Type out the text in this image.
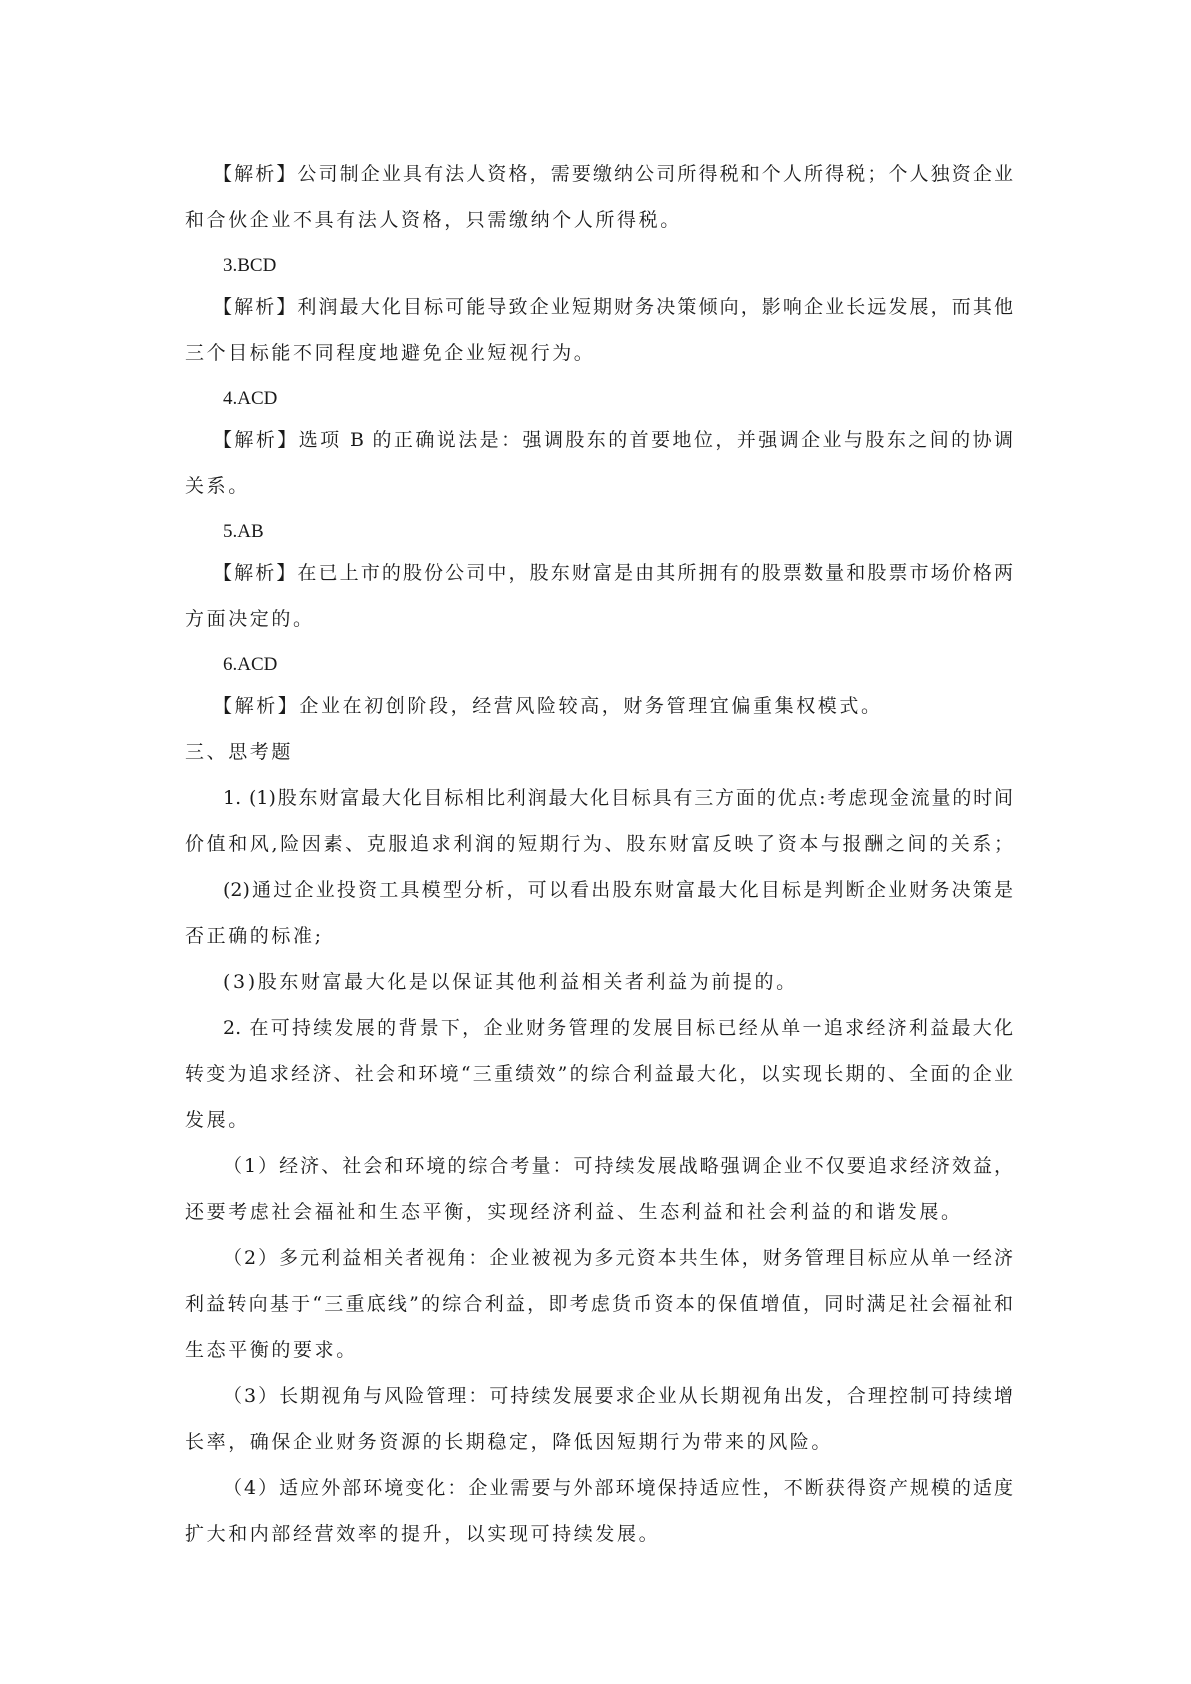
【解析】公司制企业具有法人资格，需要缴纳公司所得税和个人所得税；个人独资企业
和合伙企业不具有法人资格，只需缴纳个人所得税。
3.BCD
【解析】利润最大化目标可能导致企业短期财务决策倾向，影响企业长远发展，而其他
三个目标能不同程度地避免企业短视行为。
4.ACD
【解析】选项 B 的正确说法是：强调股东的首要地位，并强调企业与股东之间的协调
关系。
5.AB
【解析】在已上市的股份公司中，股东财富是由其所拥有的股票数量和股票市场价格两
方面决定的。
6.ACD
【解析】企业在初创阶段，经营风险较高，财务管理宜偏重集权模式。
三、思考题
1. (1)股东财富最大化目标相比利润最大化目标具有三方面的优点:考虑现金流量的时间
价值和风,险因素、克服追求利润的短期行为、股东财富反映了资本与报酬之间的关系；
(2)通过企业投资工具模型分析，可以看出股东财富最大化目标是判断企业财务决策是
否正确的标准;
(3)股东财富最大化是以保证其他利益相关者利益为前提的。
2. 在可持续发展的背景下，企业财务管理的发展目标已经从单一追求经济利益最大化
转变为追求经济、社会和环境“三重绩效”的综合利益最大化，以实现长期的、全面的企业
发展。
（1）经济、社会和环境的综合考量：可持续发展战略强调企业不仅要追求经济效益，
还要考虑社会福祉和生态平衡，实现经济利益、生态利益和社会利益的和谐发展。
（2）多元利益相关者视角：企业被视为多元资本共生体，财务管理目标应从单一经济
利益转向基于“三重底线”的综合利益，即考虑货币资本的保值增值，同时满足社会福祉和
生态平衡的要求。
（3）长期视角与风险管理：可持续发展要求企业从长期视角出发，合理控制可持续增
长率，确保企业财务资源的长期稳定，降低因短期行为带来的风险。
（4）适应外部环境变化：企业需要与外部环境保持适应性，不断获得资产规模的适度
扩大和内部经营效率的提升，以实现可持续发展。
